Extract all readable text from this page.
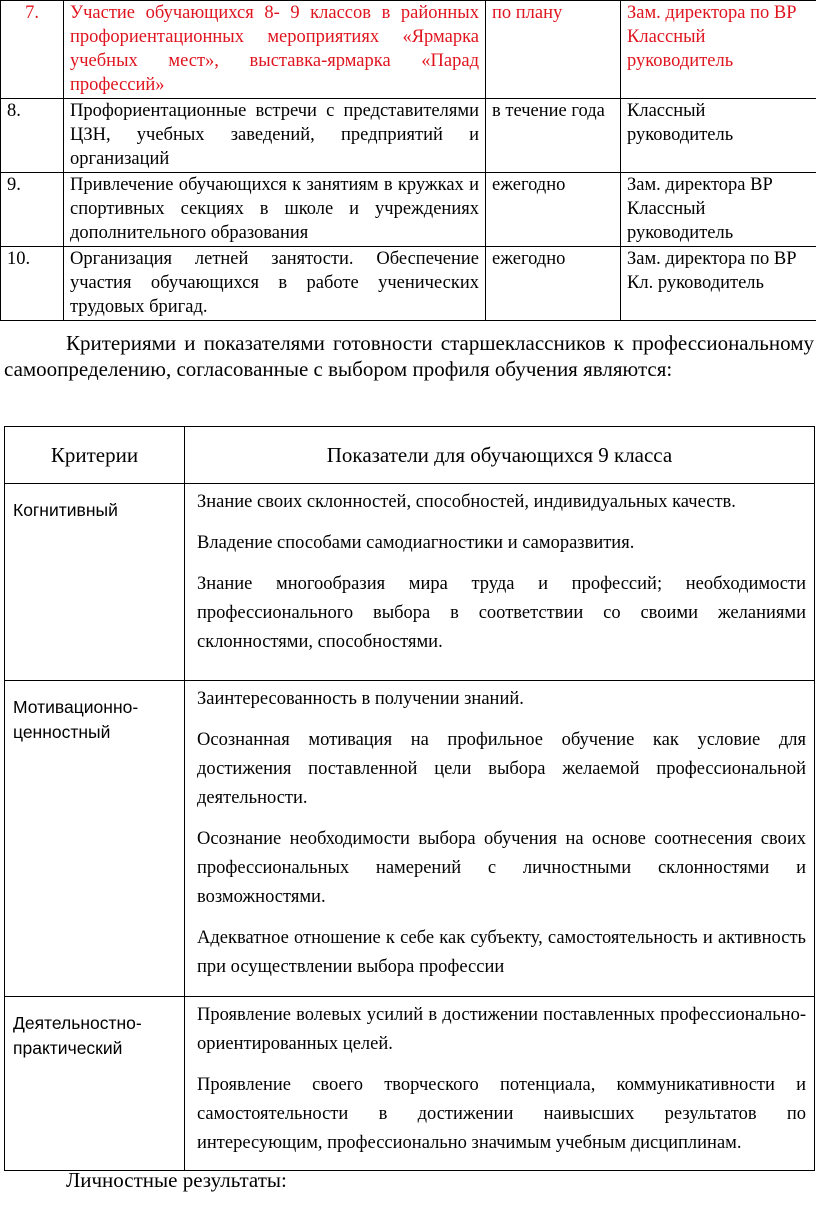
7.	Участие обучающихся 8- 9 классов в районных профориентационных мероприятиях «Ярмарка учебных мест», выставка-ярмарка «Парад профессий»	по плану	Зам. директора по ВР Классный руководитель
8.	Профориентационные встречи с представителями ЦЗН, учебных заведений, предприятий и организаций	в течение года	Классный руководитель
9.	Привлечение обучающихся к занятиям в кружках и спортивных секциях в школе и учреждениях дополнительного образования	ежегодно	Зам. директора ВР Классный руководитель
10.	Организация летней занятости. Обеспечение участия обучающихся в работе ученических трудовых бригад.	ежегодно	Зам. директора по ВР Кл. руководитель

Критериями и показателями готовности старшеклассников к профессиональному самоопределению, согласованные с выбором профиля обучения являются:

Критерии	Показатели для обучающихся 9 класса
Когнитивный	Знание своих склонностей, способностей, индивидуальных качеств.

Владение способами самодиагностики и саморазвития.

Знание многообразия мира труда и профессий; необходимости профессионального выбора в соответствии со своими желаниями склонностями, способностями.

Мотивационно-ценностный	Заинтересованность в получении знаний.

Осознанная мотивация на профильное обучение как условие для достижения поставленной цели выбора желаемой профессиональной деятельности.

Осознание необходимости выбора обучения на основе соотнесения своих профессиональных намерений с личностными склонностями и возможностями.

Адекватное отношение к себе как субъекту, самостоятельность и активность при осуществлении выбора профессии

Деятельностно-практический	Проявление волевых усилий в достижении поставленных профессионально-ориентированных целей.

Проявление своего творческого потенциала, коммуникативности и самостоятельности в достижении наивысших результатов по интересующим, профессионально значимым учебным дисциплинам.

Личностные результаты:
